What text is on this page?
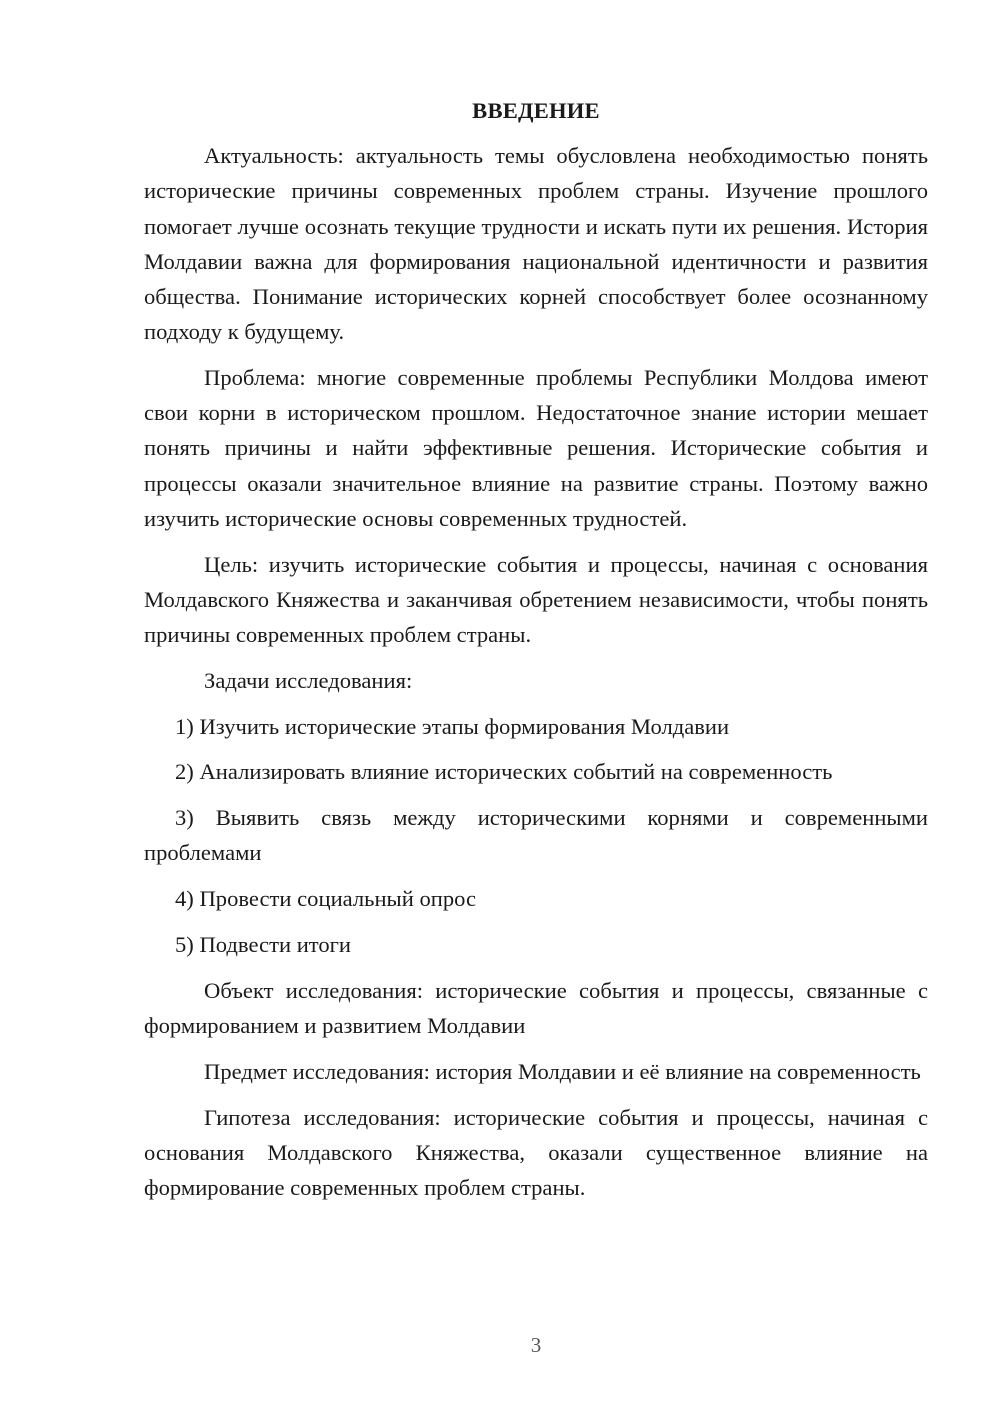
ВВЕДЕНИЕ

Актуальность: актуальность темы обусловлена необходимостью понять исторические причины современных проблем страны. Изучение прошлого помогает лучше осознать текущие трудности и искать пути их решения. История Молдавии важна для формирования национальной идентичности и развития общества. Понимание исторических корней способствует более осознанному подходу к будущему.

Проблема: многие современные проблемы Республики Молдова имеют свои корни в историческом прошлом. Недостаточное знание истории мешает понять причины и найти эффективные решения. Исторические события и процессы оказали значительное влияние на развитие страны. Поэтому важно изучить исторические основы современных трудностей.

Цель: изучить исторические события и процессы, начиная с основания Молдавского Княжества и заканчивая обретением независимости, чтобы понять причины современных проблем страны.

Задачи исследования:

1) Изучить исторические этапы формирования Молдавии

2) Анализировать влияние исторических событий на современность

3) Выявить связь между историческими корнями и современными проблемами

4) Провести социальный опрос

5) Подвести итоги

Объект исследования: исторические события и процессы, связанные с формированием и развитием Молдавии

Предмет исследования: история Молдавии и её влияние на современность

Гипотеза исследования: исторические события и процессы, начиная с основания Молдавского Княжества, оказали существенное влияние на формирование современных проблем страны.

3
